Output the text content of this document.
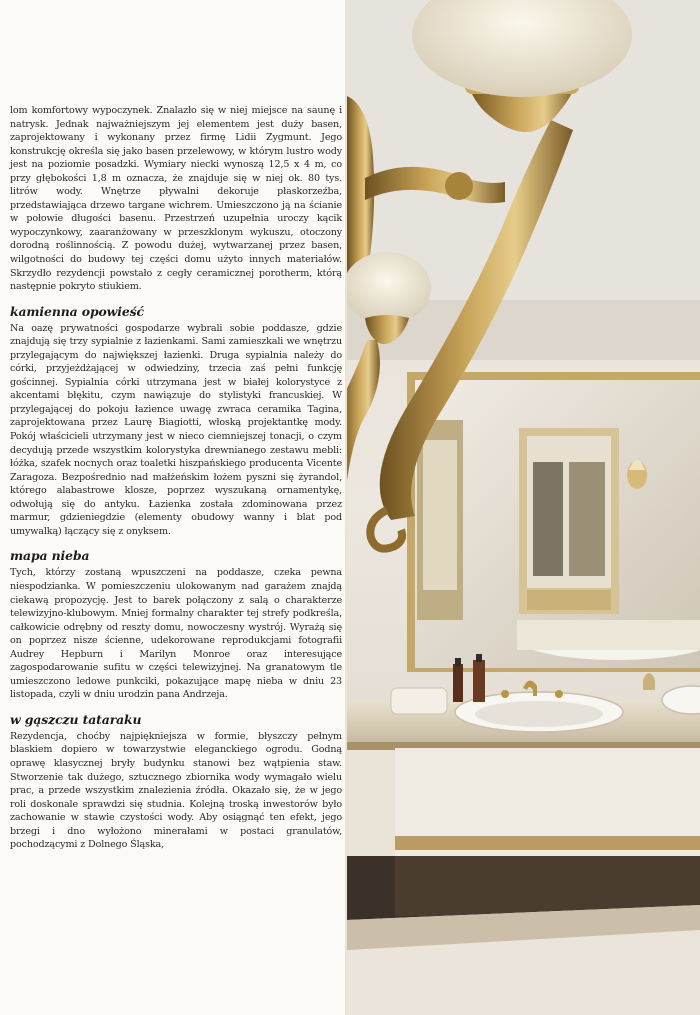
lom komfortowy wypoczynek. Znalazło się w niej miejsce na saunę i natrysk. Jednak najważniejszym jej elementem jest duży basen, zaprojektowany i wykonany przez firmę Lidii Zygmunt. Jego konstrukcję określa się jako basen przelewowy, w którym lustro wody jest na poziomie posadzki. Wymiary niecki wynoszą 12,5 x 4 m, co przy głębokości 1,8 m oznacza, że znajduje się w niej ok. 80 tys. litrów wody. Wnętrze pływalni dekoruje płaskorzeźba, przedstawiająca drzewo targane wichrem. Umieszczono ją na ścianie w połowie długości basenu. Przestrzeń uzupełnia uroczy kącik wypoczynkowy, zaaranżowany w przeszklonym wykuszu, otoczony dorodną roślinnością. Z powodu dużej, wytwarzanej przez basen, wilgotności do budowy tej części domu użyto innych materiałów. Skrzydło rezydencji powstało z cegły ceramicznej porotherm, którą następnie pokryto stiukiem.

kamienna opowieść

Na oazę prywatności gospodarze wybrali sobie poddasze, gdzie znajdują się trzy sypialnie z łazienkami. Sami zamieszkali we wnętrzu przylegającym do największej łazienki. Druga sypialnia należy do córki, przyjeżdżającej w odwiedziny, trzecia zaś pełni funkcję gościnnej. Sypialnia córki utrzymana jest w białej kolorystyce z akcentami błękitu, czym nawiązuje do stylistyki francuskiej. W przylegającej do pokoju łazience uwagę zwraca ceramika Tagina, zaprojektowana przez Laurę Biagiotti, włoską projektantkę mody. Pokój właścicieli utrzymany jest w nieco ciemniejszej tonacji, o czym decydują przede wszystkim kolorystyka drewnianego zestawu mebli: łóżka, szafek nocnych oraz toaletki hiszpańskiego producenta Vicente Zaragoza. Bezpośrednio nad małżeńskim łożem pyszni się żyrandol, którego alabastrowe klosze, poprzez wyszukaną ornamentykę, odwołują się do antyku. Łazienka została zdominowana przez marmur, gdzieniegdzie (elementy obudowy wanny i blat pod umywalką) łączący się z onyksem.

mapa nieba

Tych, którzy zostaną wpuszczeni na poddasze, czeka pewna niespodzianka. W pomieszczeniu ulokowanym nad garażem znajdą ciekawą propozycję. Jest to barek połączony z salą o charakterze telewizyjno-klubowym. Mniej formalny charakter tej strefy podkreśla, całkowicie odrębny od reszty domu, nowoczesny wystrój. Wyrażą się on poprzez nisze ścienne, udekorowane reprodukcjami fotografii Audrey Hepburn i Marilyn Monroe oraz interesujące zagospodarowanie sufitu w części telewizyjnej. Na granatowym tle umieszczono ledowe punkciki, pokazujące mapę nieba w dniu 23 listopada, czyli w dniu urodzin pana Andrzeja.

w gąszczu tataraku

Rezydencja, choćby najpiękniejsza w formie, błyszczy pełnym blaskiem dopiero w towarzystwie eleganckiego ogrodu. Godną oprawę klasycznej bryły budynku stanowi bez wątpienia staw. Stworzenie tak dużego, sztucznego zbiornika wody wymagało wielu prac, a przede wszystkim znalezienia źródła. Okazało się, że w jego roli doskonale sprawdzi się studnia. Kolejną troską inwestorów było zachowanie w stawie czystości wody. Aby osiągnąć ten efekt, jego brzegi i dno wyłożono minerałami w postaci granulatów, pochodzącymi z Dolnego Śląska,
